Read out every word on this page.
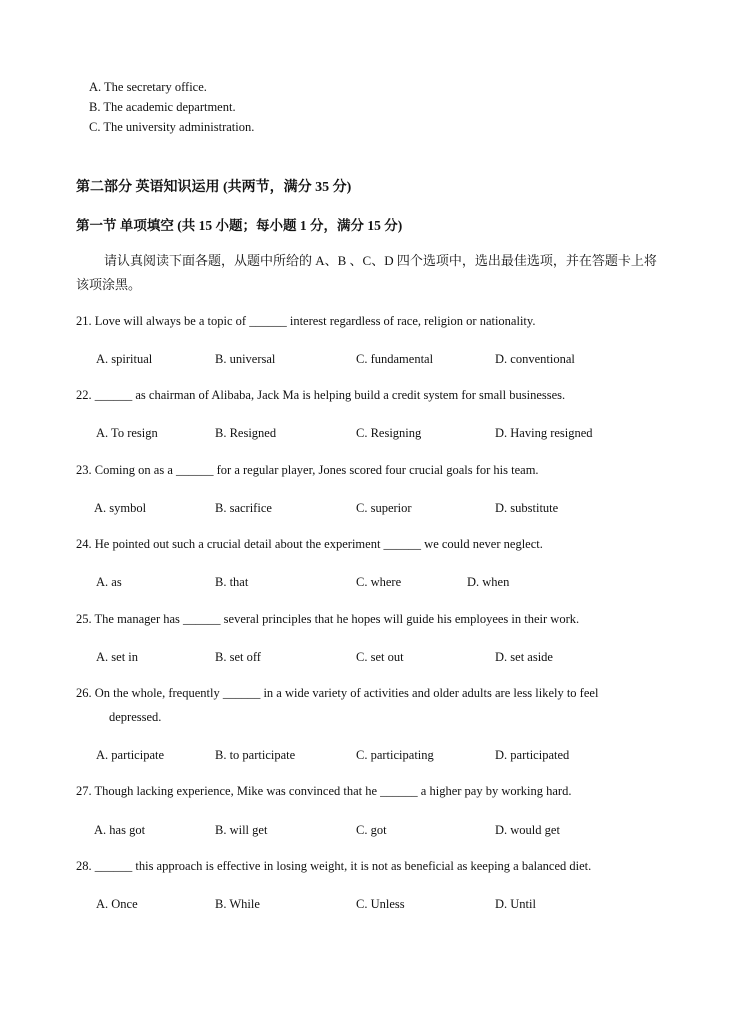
A. The secretary office.
B. The academic department.
C. The university administration.
第二部分 英语知识运用 (共两节，满分 35 分)
第一节 单项填空 (共 15 小题；每小题 1 分，满分 15 分)
请认真阅读下面各题，从题中所给的 A、B 、C、D 四个选项中，选出最佳选项，并在答题卡上将该项涂黑。
21. Love will always be a topic of ______ interest regardless of race, religion or nationality.
A. spiritual	B. universal	C. fundamental	D. conventional
22. ______ as chairman of Alibaba, Jack Ma is helping build a credit system for small businesses.
A. To resign	B. Resigned	C. Resigning	D. Having resigned
23. Coming on as a ______ for a regular player, Jones scored four crucial goals for his team.
A. symbol	B. sacrifice	C. superior	D. substitute
24. He pointed out such a crucial detail about the experiment ______ we could never neglect.
A. as	B. that	C. where	D. when
25. The manager has ______ several principles that he hopes will guide his employees in their work.
A. set in	B. set off	C. set out	D. set aside
26. On the whole, frequently ______ in a wide variety of activities and older adults are less likely to feel
depressed.
A. participate	B. to participate	C. participating	D. participated
27. Though lacking experience, Mike was convinced that he ______ a higher pay by working hard.
A. has got	B. will get	C. got	D. would get
28. ______ this approach is effective in losing weight, it is not as beneficial as keeping a balanced diet.
A. Once	B. While	C. Unless	D. Until
